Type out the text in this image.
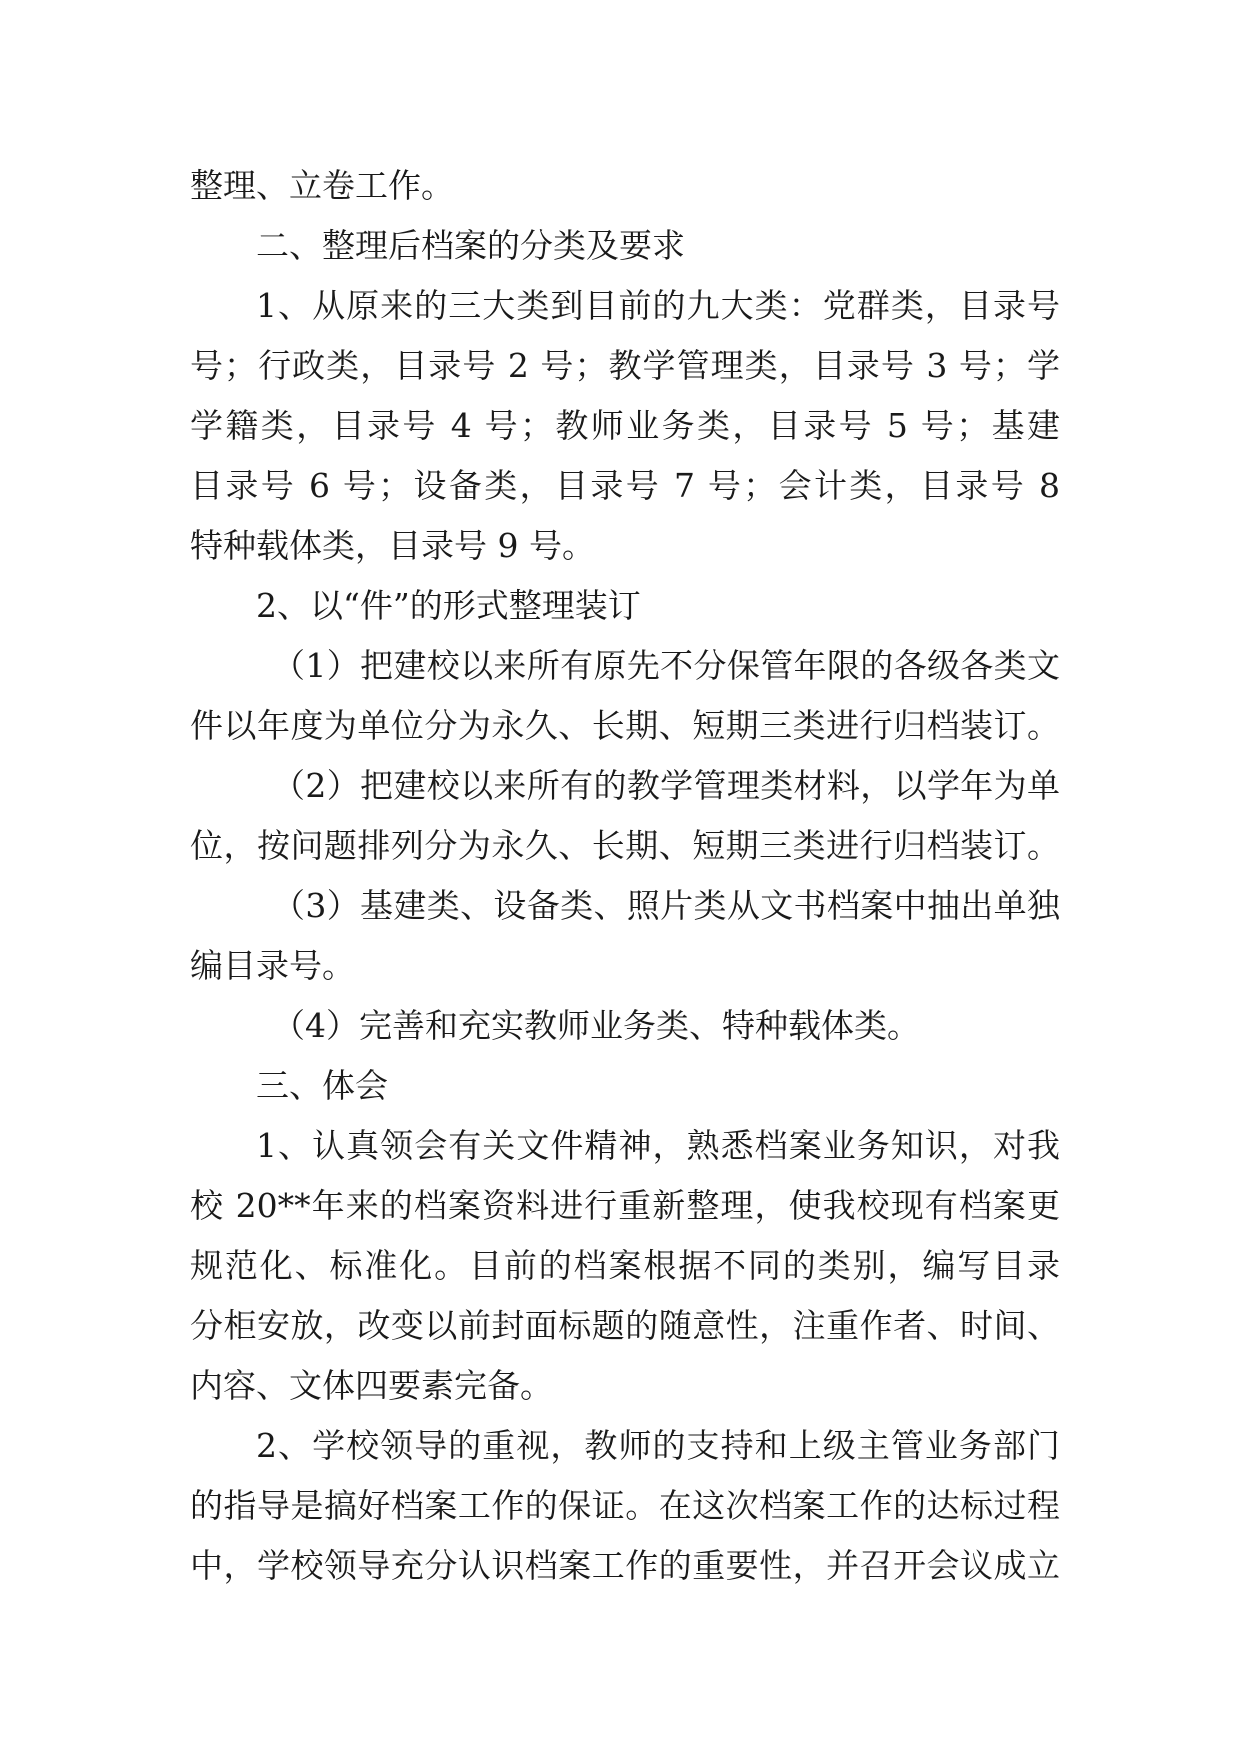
整理、立卷工作。
二、整理后档案的分类及要求
1、从原来的三大类到目前的九大类：党群类，目录号
号；行政类，目录号 2 号；教学管理类，目录号 3 号；学
学籍类，目录号 4 号；教师业务类，目录号 5 号；基建
目录号 6 号；设备类，目录号 7 号；会计类，目录号 8
特种载体类，目录号 9 号。
2、以“件”的形式整理装订
（1）把建校以来所有原先不分保管年限的各级各类文
件以年度为单位分为永久、长期、短期三类进行归档装订。
（2）把建校以来所有的教学管理类材料，以学年为单
位，按问题排列分为永久、长期、短期三类进行归档装订。
（3）基建类、设备类、照片类从文书档案中抽出单独
编目录号。
（4）完善和充实教师业务类、特种载体类。
三、体会
1、认真领会有关文件精神，熟悉档案业务知识，对我
校 20**年来的档案资料进行重新整理，使我校现有档案更
规范化、标准化。目前的档案根据不同的类别，编写目录
分柜安放，改变以前封面标题的随意性，注重作者、时间、
内容、文体四要素完备。
2、学校领导的重视，教师的支持和上级主管业务部门
的指导是搞好档案工作的保证。在这次档案工作的达标过程
中，学校领导充分认识档案工作的重要性，并召开会议成立
